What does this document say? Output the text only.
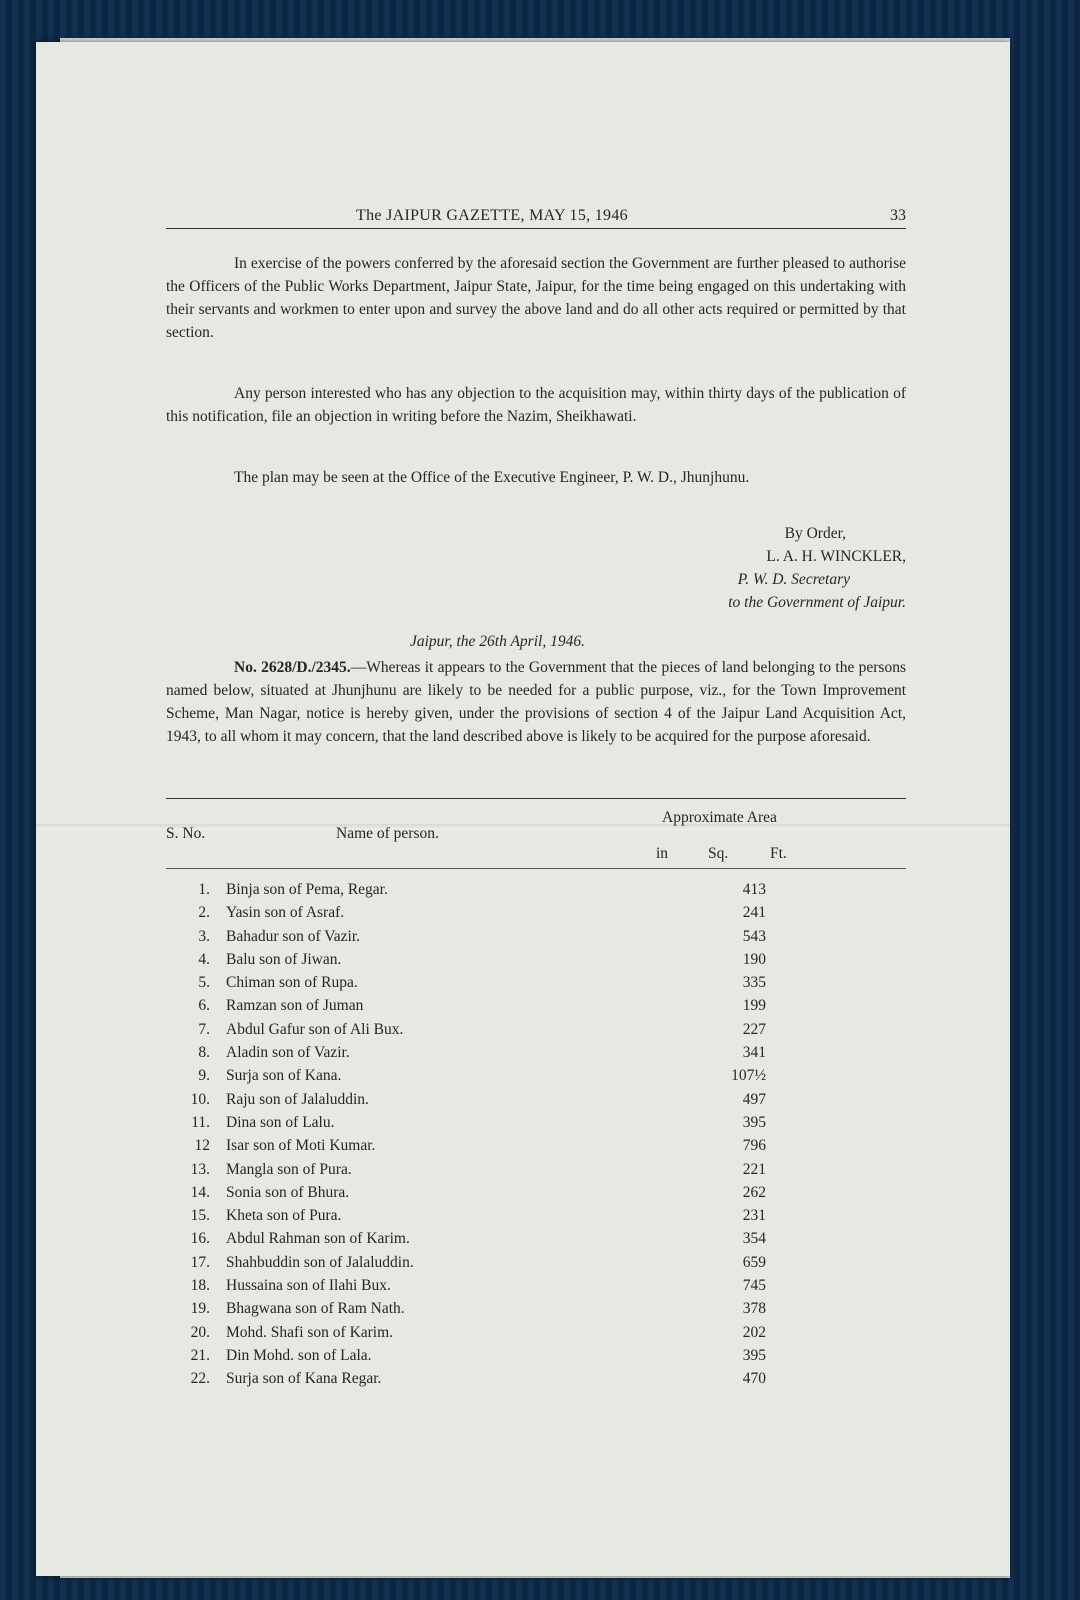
The JAIPUR GAZETTE, MAY 15, 1946	33

In exercise of the powers conferred by the aforesaid section the Government are further pleased to authorise the Officers of the Public Works Department, Jaipur State, Jaipur, for the time being engaged on this undertaking with their servants and workmen to enter upon and survey the above land and do all other acts required or permitted by that section.

Any person interested who has any objection to the acquisition may, within thirty days of the publication of this notification, file an objection in writing before the Nazim, Sheikhawati.

The plan may be seen at the Office of the Executive Engineer, P. W. D., Jhunjhunu.

By Order,
L. A. H. WINCKLER,
P. W. D. Secretary
to the Government of Jaipur.
Jaipur, the 26th April, 1946.

No. 2628/D./2345.—Whereas it appears to the Government that the pieces of land belonging to the persons named below, situated at Jhunjhunu are likely to be needed for a public purpose, viz., for the Town Improvement Scheme, Man Nagar, notice is hereby given, under the provisions of section 4 of the Jaipur Land Acquisition Act, 1943, to all whom it may concern, that the land described above is likely to be acquired for the purpose aforesaid.

S. No.	Name of person.
Approximate Area
in	Sq.	Ft.
1. Binja son of Pema, Regar.	413
2. Yasin son of Asraf.	241
3. Bahadur son of Vazir.	543
4. Balu son of Jiwan.	190
5. Chiman son of Rupa.	335
6. Ramzan son of Juman	199
7. Abdul Gafur son of Ali Bux.	227
8. Aladin son of Vazir.	341
9. Surja son of Kana.	107½
10. Raju son of Jalaluddin.	497
11. Dina son of Lalu.	395
12 Isar son of Moti Kumar.	796
13. Mangla son of Pura.	221
14. Sonia son of Bhura.	262
15. Kheta son of Pura.	231
16. Abdul Rahman son of Karim.	354
17. Shahbuddin son of Jalaluddin.	659
18. Hussaina son of Ilahi Bux.	745
19. Bhagwana son of Ram Nath.	378
20. Mohd. Shafi son of Karim.	202
21. Din Mohd. son of Lala.	395
22. Surja son of Kana Regar.	470
